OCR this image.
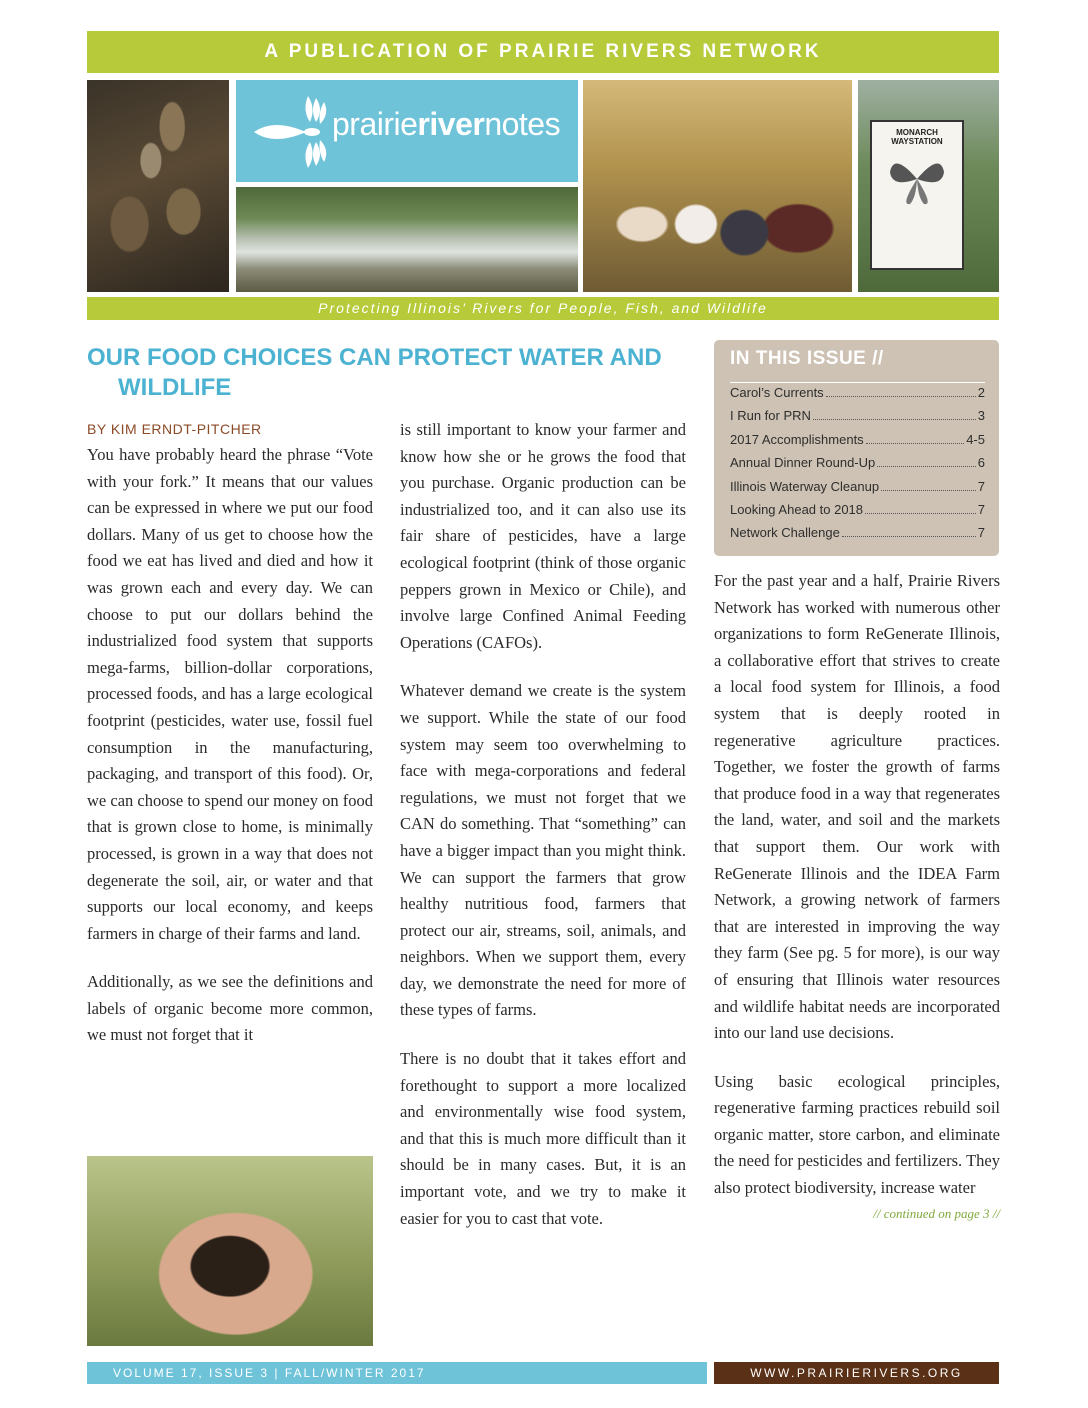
A PUBLICATION OF PRAIRIE RIVERS NETWORK
prairierivernotes	MONARCH WAYSTATION
Protecting Illinois’ Rivers for People, Fish, and Wildlife
OUR FOOD CHOICES CAN PROTECT WATER AND
WILDLIFE
BY KIM ERNDT-PITCHER

You have probably heard the phrase “Vote with your fork.” It means that our values can be expressed in where we put our food dollars. Many of us get to choose how the food we eat has lived and died and how it was grown each and every day. We can choose to put our dollars behind the industrialized food system that supports mega-farms, billion-dollar corporations, processed foods, and has a large ecological footprint (pesticides, water use, fossil fuel consumption in the manufacturing, packaging, and transport of this food). Or, we can choose to spend our money on food that is grown close to home, is minimally processed, is grown in a way that does not degenerate the soil, air, or water and that supports our local economy, and keeps farmers in charge of their farms and land.

Additionally, as we see the definitions and labels of organic become more common, we must not forget that it

is still important to know your farmer and know how she or he grows the food that you purchase. Organic production can be industrialized too, and it can also use its fair share of pesticides, have a large ecological footprint (think of those organic peppers grown in Mexico or Chile), and involve large Confined Animal Feeding Operations (CAFOs).

Whatever demand we create is the system we support. While the state of our food system may seem too overwhelming to face with mega-corporations and federal regulations, we must not forget that we CAN do something. That “something” can have a bigger impact than you might think. We can support the farmers that grow healthy nutritious food, farmers that protect our air, streams, soil, animals, and neighbors. When we support them, every day, we demonstrate the need for more of these types of farms.

There is no doubt that it takes effort and forethought to support a more localized and environmentally wise food system, and that this is much more difficult than it should be in many cases. But, it is an important vote, and we try to make it easier for you to cast that vote.

For the past year and a half, Prairie Rivers Network has worked with numerous other organizations to form ReGenerate Illinois, a collaborative effort that strives to create a local food system for Illinois, a food system that is deeply rooted in regenerative agriculture practices. Together, we foster the growth of farms that produce food in a way that regenerates the land, water, and soil and the markets that support them. Our work with ReGenerate Illinois and the IDEA Farm Network, a growing network of farmers that are interested in improving the way they farm (See pg. 5 for more), is our way of ensuring that Illinois water resources and wildlife habitat needs are incorporated into our land use decisions.

Using basic ecological principles, regenerative farming practices rebuild soil organic matter, store carbon, and eliminate the need for pesticides and fertilizers. They also protect biodiversity, increase water

// continued on page 3 //
IN THIS ISSUE //
Carol’s Currents	2
I Run for PRN	3
2017 Accomplishments	4-5
Annual Dinner Round-Up	6
Illinois Waterway Cleanup	7
Looking Ahead to 2018	7
Network Challenge	7
VOLUME 17, ISSUE 3 | FALL/WINTER 2017	WWW.PRAIRIERIVERS.ORG
